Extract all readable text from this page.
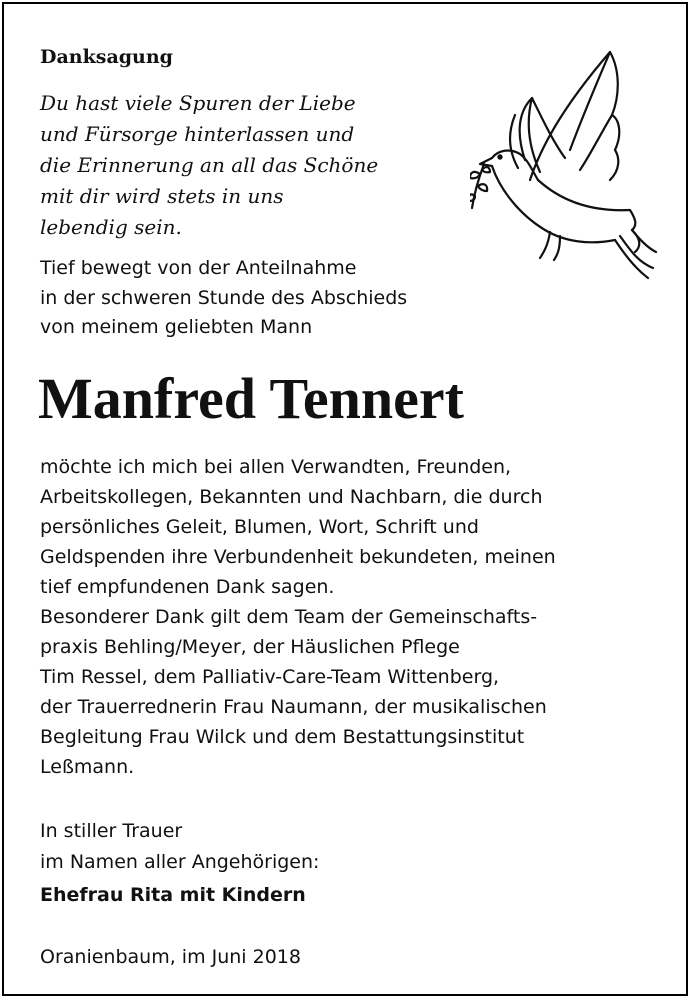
Danksagung
Du hast viele Spuren der Liebe
und Fürsorge hinterlassen und
die Erinnerung an all das Schöne
mit dir wird stets in uns
lebendig sein.
Tief bewegt von der Anteilnahme
in der schweren Stunde des Abschieds
von meinem geliebten Mann
Manfred Tennert
möchte ich mich bei allen Verwandten, Freunden,
Arbeitskollegen, Bekannten und Nachbarn, die durch
persönliches Geleit, Blumen, Wort, Schrift und
Geldspenden ihre Verbundenheit bekundeten, meinen
tief empfundenen Dank sagen.
Besonderer Dank gilt dem Team der Gemeinschafts-
praxis Behling/Meyer, der Häuslichen Pflege
Tim Ressel, dem Palliativ-Care-Team Wittenberg,
der Trauerrednerin Frau Naumann, der musikalischen
Begleitung Frau Wilck und dem Bestattungsinstitut
Leßmann.
In stiller Trauer
im Namen aller Angehörigen:

Ehefrau Rita mit Kindern

Oranienbaum, im Juni 2018
